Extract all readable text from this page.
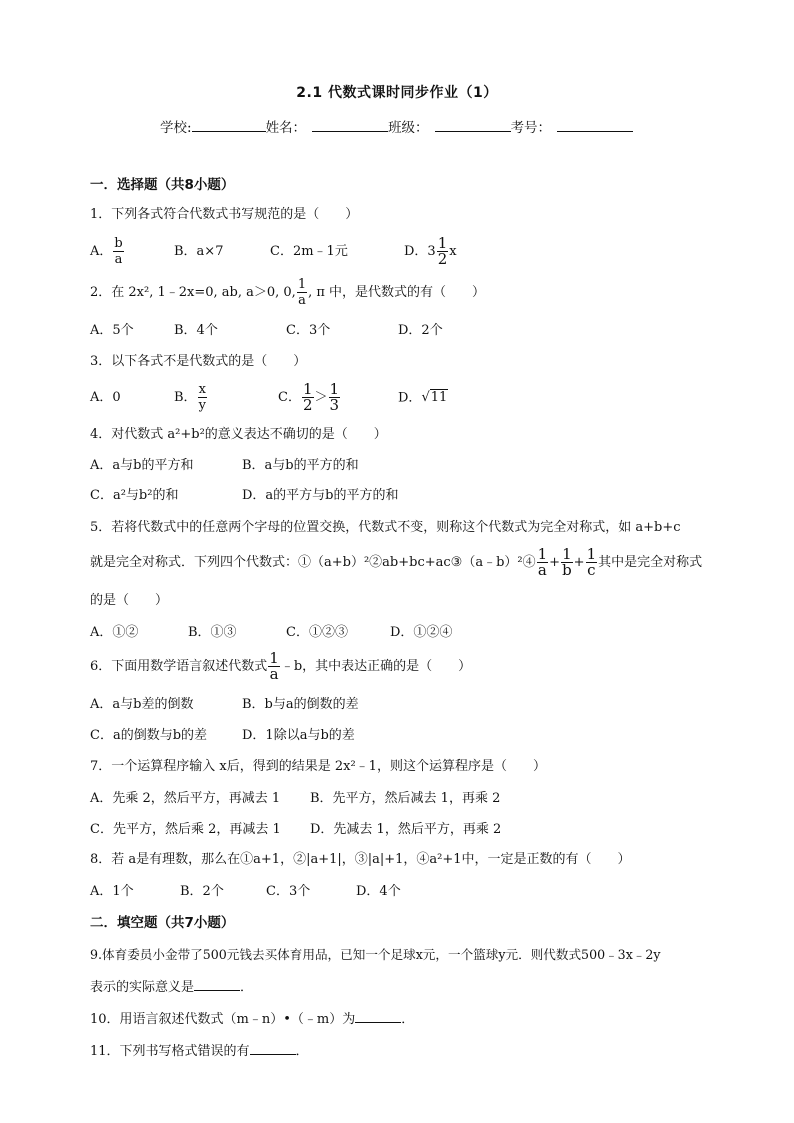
2.1 代数式课时同步作业（1）
学校:	姓名：	班级：	考号：
一．选择题（共8小题）
1．下列各式符合代数式书写规范的是（　　）
A． $\frac{b}{a}$	B．a×7	C．2m﹣1元	D．$3 \frac{1}{2}$ x
2．在 2x², 1﹣2x=0, ab, a＞0, 0, $\frac{1}{a}$ , π 中，是代数式的有（　　）
A．5个	B．4个	C．3个	D．2个
3．以下各式不是代数式的是（　　）
A．0	B． $\frac{x}{y}$	C． $\frac{1}{2} > \frac{1}{3}$	D．√11
4．对代数式 a²+b²的意义表达不确切的是（　　）
A．a与b的平方和	B．a与b的平方的和
C．a²与b²的和	D．a的平方与b的平方的和
5．若将代数式中的任意两个字母的位置交换，代数式不变，则称这个代数式为完全对称式，如 a+b+c
就是完全对称式．下列四个代数式：①（a+b）²②ab+bc+ac③（a﹣b）²④ $\frac{1}{a} + \frac{1}{b} + \frac{1}{c}$ 其中是完全对称式
的是（　　）
A．①②	B．①③	C．①②③	D．①②④
6．下面用数学语言叙述代数式 $\frac{1}{a}$ ﹣b，其中表达正确的是（　　）
A．a与b差的倒数	B．b与a的倒数的差
C．a的倒数与b的差	D．1除以a与b的差
7．一个运算程序输入 x后，得到的结果是 2x²﹣1，则这个运算程序是（　　）
A．先乘 2，然后平方，再减去 1 B．先平方，然后减去 1，再乘 2
C．先平方，然后乘 2，再减去 1 D．先减去 1，然后平方，再乘 2
8．若 a是有理数，那么在①a+1，②|a+1|，③|a|+1，④a²+1中，一定是正数的有（　　）
A．1个	B．2个	C．3个	D．4个
二．填空题（共7小题）
9.体育委员小金带了500元钱去买体育用品，已知一个足球x元，一个篮球y元．则代数式500﹣3x﹣2y
表示的实际意义是	．
10．用语言叙述代数式（m﹣n）•（﹣m）为	．
11．下列书写格式错误的有	．
